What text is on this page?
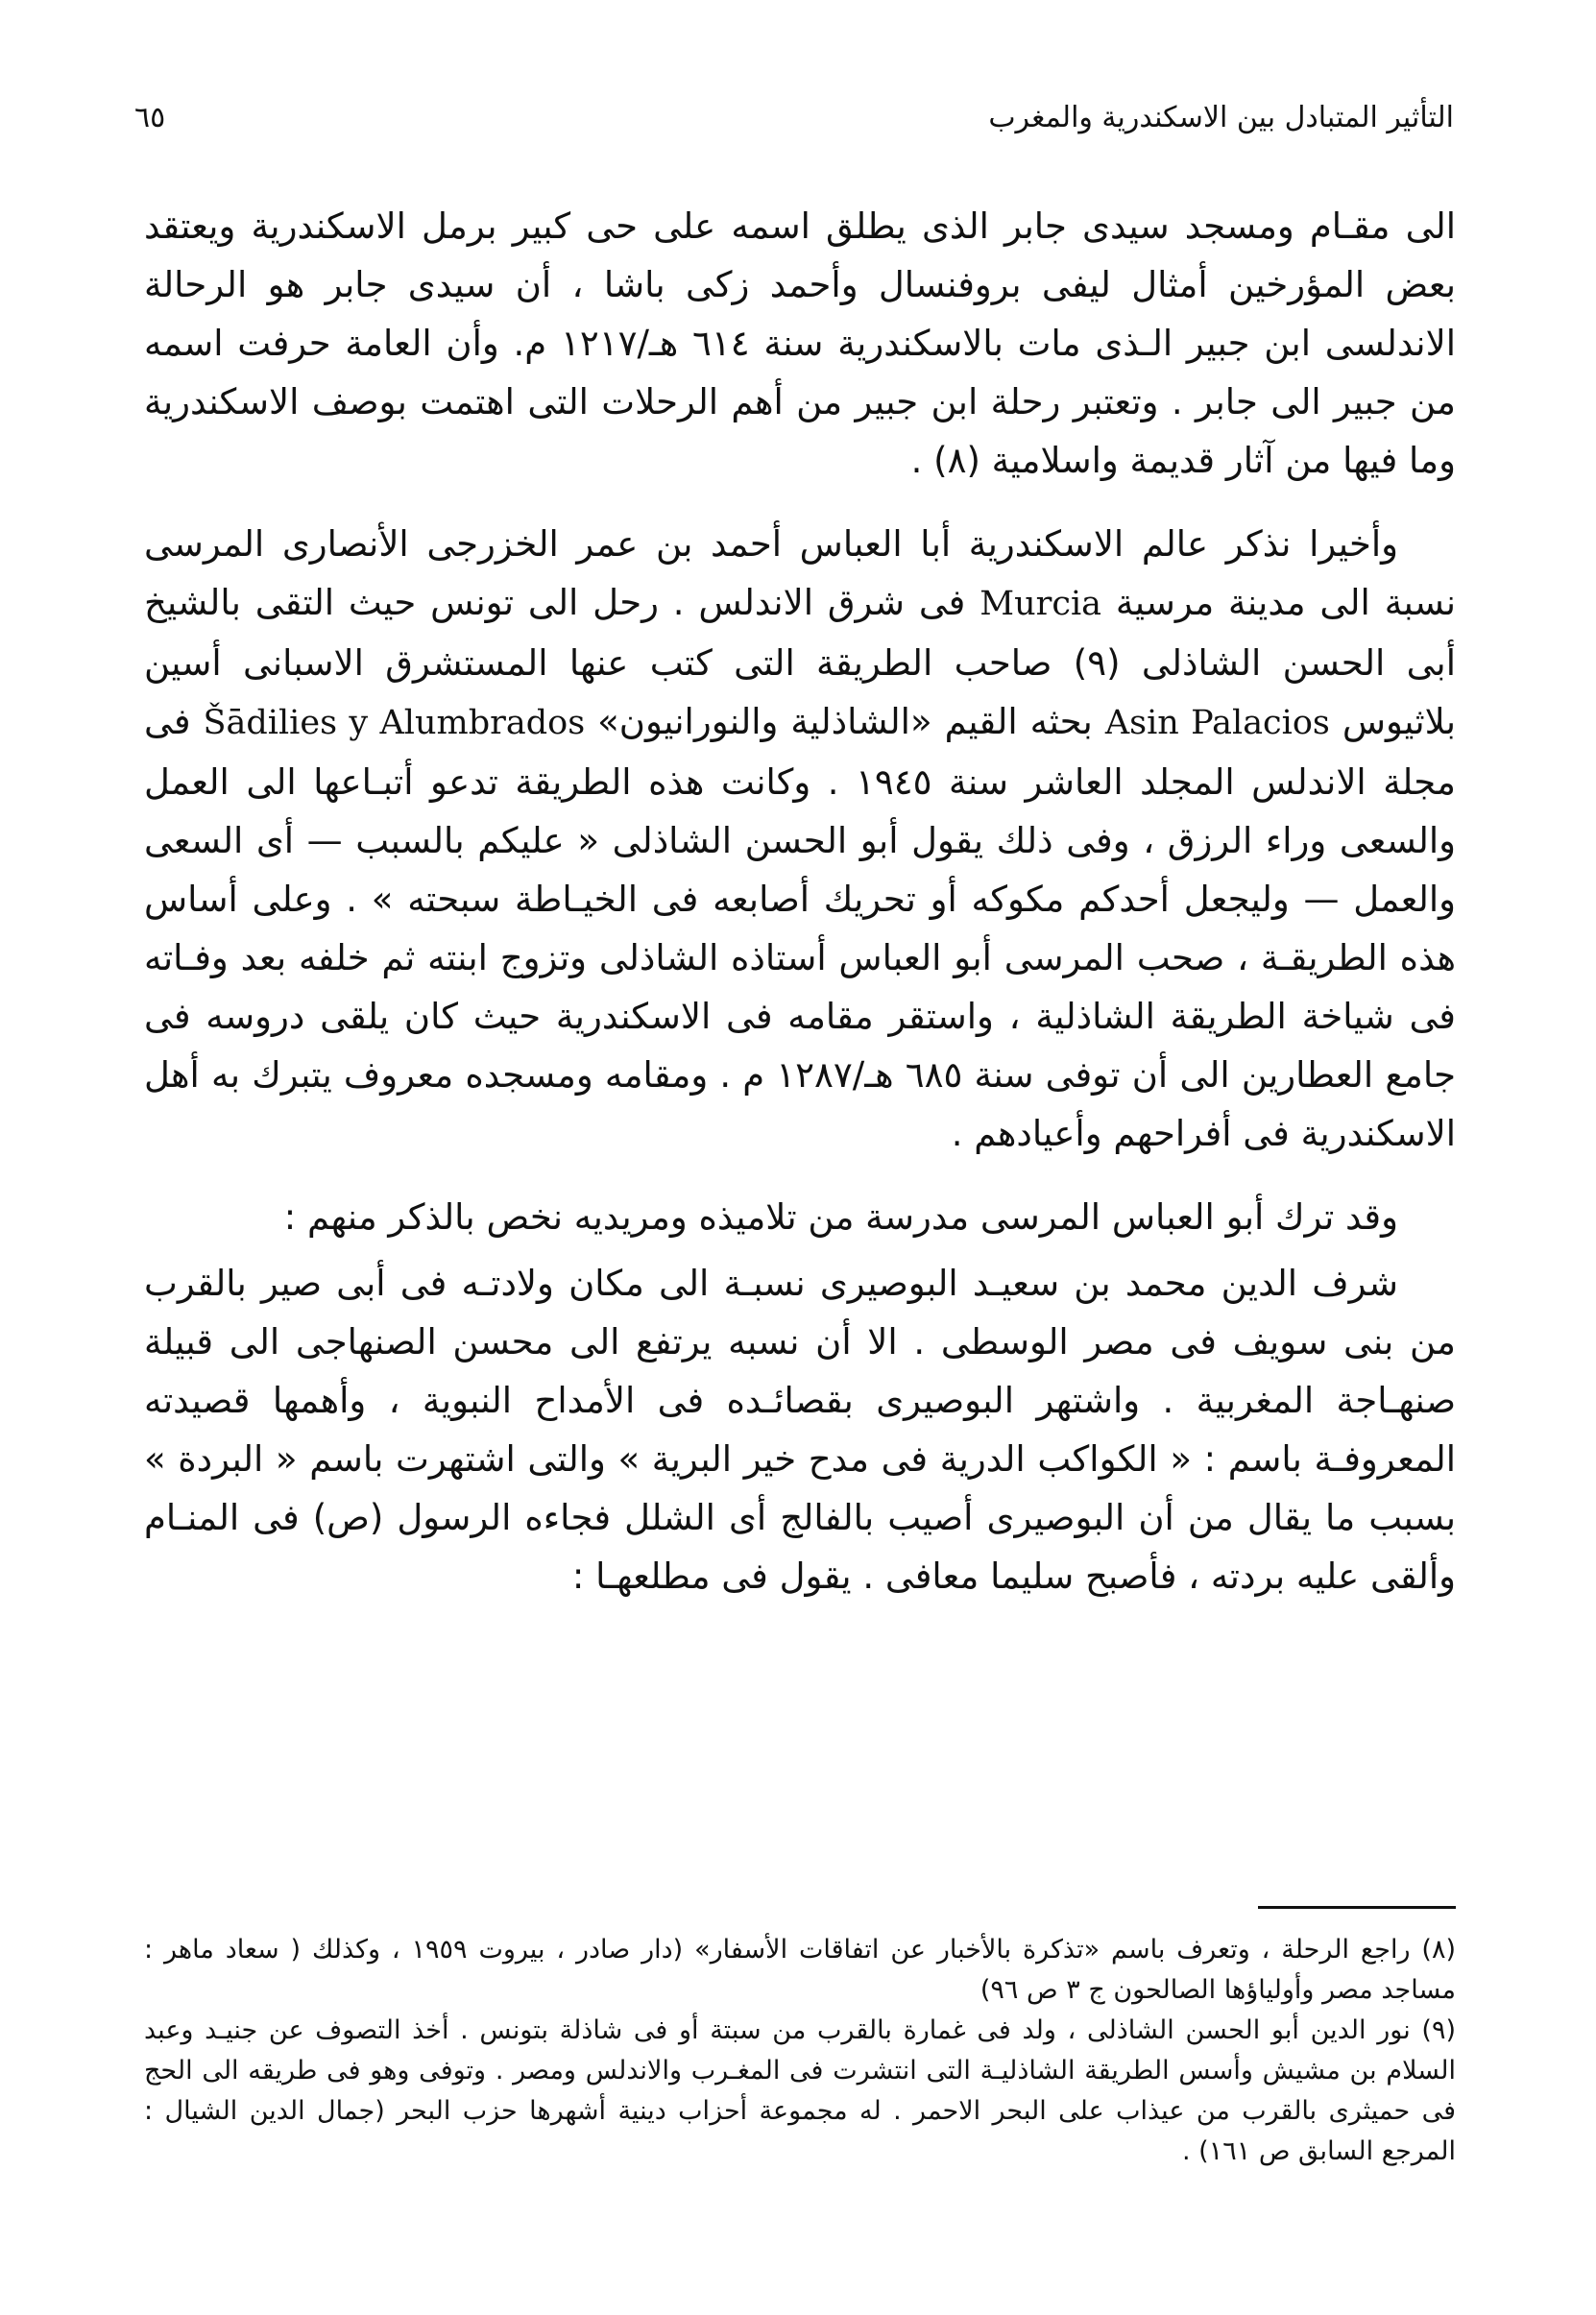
التأثير المتبادل بين الاسكندرية والمغرب
٦٥

الى مقـام ومسجد سيدى جابر الذى يطلق اسمه على حى كبير برمل الاسكندرية ويعتقد بعض المؤرخين أمثال ليفى بروفنسال وأحمد زكى باشا ، أن سيدى جابر هو الرحالة الاندلسى ابن جبير الـذى مات بالاسكندرية سنة ٦١٤ هـ/١٢١٧ م. وأن العامة حرفت اسمه من جبير الى جابر . وتعتبر رحلة ابن جبير من أهم الرحلات التى اهتمت بوصف الاسكندرية وما فيها من آثار قديمة واسلامية (٨) .

وأخيرا نذكر عالم الاسكندرية أبا العباس أحمد بن عمر الخزرجى الأنصارى المرسى نسبة الى مدينة مرسية Murcia فى شرق الاندلس . رحل الى تونس حيث التقى بالشيخ أبى الحسن الشاذلى (٩) صاحب الطريقة التى كتب عنها المستشرق الاسبانى أسين بلاثيوس Asin Palacios بحثه القيم «الشاذلية والنورانيون» Šādilies y Alumbrados فى مجلة الاندلس المجلد العاشر سنة ١٩٤٥ . وكانت هذه الطريقة تدعو أتبـاعها الى العمل والسعى وراء الرزق ، وفى ذلك يقول أبو الحسن الشاذلى « عليكم بالسبب — أى السعى والعمل — وليجعل أحدكم مكوكه أو تحريك أصابعه فى الخيـاطة سبحته » . وعلى أساس هذه الطريقـة ، صحب المرسى أبو العباس أستاذه الشاذلى وتزوج ابنته ثم خلفه بعد وفـاته فى شياخة الطريقة الشاذلية ، واستقر مقامه فى الاسكندرية حيث كان يلقى دروسه فى جامع العطارين الى أن توفى سنة ٦٨٥ هـ/١٢٨٧ م . ومقامه ومسجده معروف يتبرك به أهل الاسكندرية فى أفراحهم وأعيادهم .

وقد ترك أبو العباس المرسى مدرسة من تلاميذه ومريديه نخص بالذكر منهم :

شرف الدين محمد بن سعيـد البوصيرى نسبـة الى مكان ولادتـه فى أبى صير بالقرب من بنى سويف فى مصر الوسطى . الا أن نسبه يرتفع الى محسن الصنهاجى الى قبيلة صنهـاجة المغربية . واشتهر البوصيرى بقصائـده فى الأمداح النبوية ، وأهمها قصيدته المعروفـة باسم : « الكواكب الدرية فى مدح خير البرية » والتى اشتهرت باسم « البردة » بسبب ما يقال من أن البوصيرى أصيب بالفالج أى الشلل فجاءه الرسول (ص) فى المنـام وألقى عليه بردته ، فأصبح سليما معافى . يقول فى مطلعهـا :

(٨) راجع الرحلة ، وتعرف باسم «تذكرة بالأخبار عن اتفاقات الأسفار» (دار صادر ، بيروت ١٩٥٩ ، وكذلك ( سعاد ماهر : مساجد مصر وأولياؤها الصالحون ج ٣ ص ٩٦)

(٩) نور الدين أبو الحسن الشاذلى ، ولد فى غمارة بالقرب من سبتة أو فى شاذلة بتونس . أخذ التصوف عن جنيـد وعبد السلام بن مشيش وأسس الطريقة الشاذليـة التى انتشرت فى المغـرب والاندلس ومصر . وتوفى وهو فى طريقه الى الحج فى حميثرى بالقرب من عيذاب على البحر الاحمر . له مجموعة أحزاب دينية أشهرها حزب البحر (جمال الدين الشيال : المرجع السابق ص ١٦١) .
